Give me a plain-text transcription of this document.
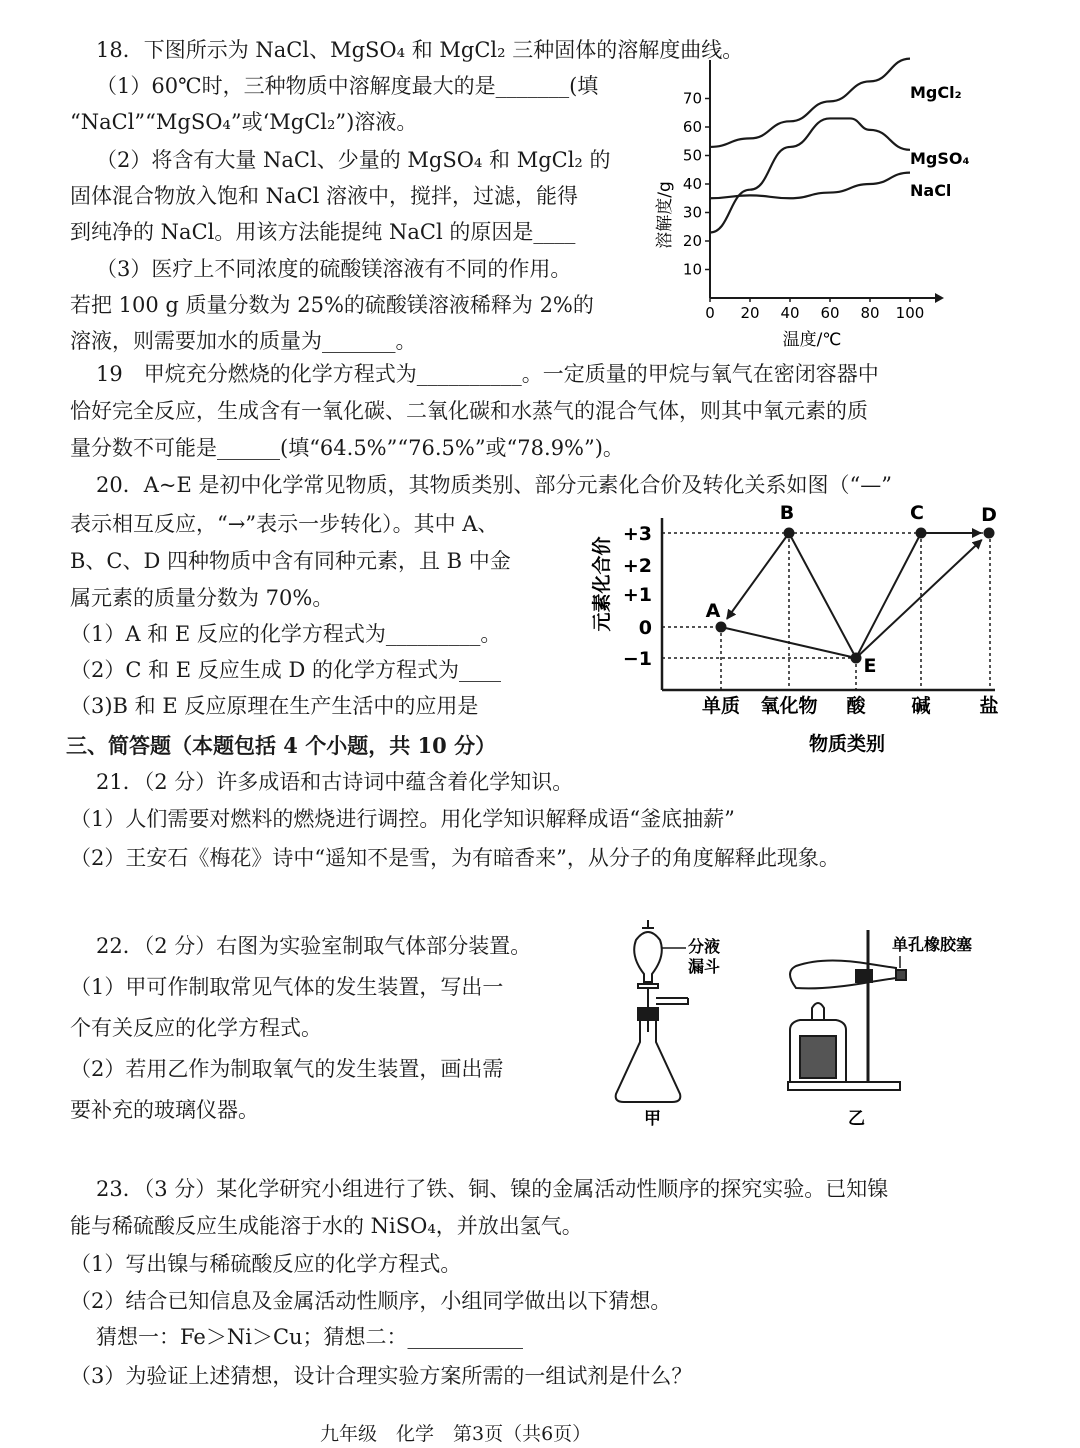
18．下图所示为 NaCl、MgSO₄ 和 MgCl₂ 三种固体的溶解度曲线。
（1）60℃时，三种物质中溶解度最大的是_______(填
“NaCl”“MgSO₄”或‘MgCl₂”)溶液。
（2）将含有大量 NaCl、少量的 MgSO₄ 和 MgCl₂ 的
固体混合物放入饱和 NaCl 溶液中，搅拌，过滤，能得
到纯净的 NaCl。用该方法能提纯 NaCl 的原因是____
（3）医疗上不同浓度的硫酸镁溶液有不同的作用。
若把 100 g 质量分数为 25%的硫酸镁溶液稀释为 2%的
溶液，则需要加水的质量为_______。
10
20
30
40
50
60
70
0 20 40 60 80 100
溶解度/g
温度/℃
MgCl₂
MgSO₄
NaCl
19　甲烷充分燃烧的化学方程式为__________。一定质量的甲烷与氧气在密闭容器中
恰好完全反应，生成含有一氧化碳、二氧化碳和水蒸气的混合气体，则其中氧元素的质
量分数不可能是______(填“64.5%”“76.5%”或“78.9%”)。
20．A~E 是初中化学常见物质，其物质类别、部分元素化合价及转化关系如图（“—”
表示相互反应，“→”表示一步转化）。其中 A、
B、C、D 四种物质中含有同种元素，且 B 中金
属元素的质量分数为 70%。
（1）A 和 E 反应的化学方程式为_________。
（2）C 和 E 反应生成 D 的化学方程式为____
（3)B 和 E 反应原理在生产生活中的应用是
+3
+2
+1
0
−1
单质 氧化物 酸 碱	盐
A
B
E
C	D
元素化合价
物质类别
三、简答题（本题包括 4 个小题，共 10 分）
21．（2 分）许多成语和古诗词中蕴含着化学知识。
（1）人们需要对燃料的燃烧进行调控。用化学知识解释成语“釜底抽薪”
（2）王安石《梅花》诗中“遥知不是雪，为有暗香来”，从分子的角度解释此现象。
22．（2 分）右图为实验室制取气体部分装置。
（1）甲可作制取常见气体的发生装置，写出一
个有关反应的化学方程式。
（2）若用乙作为制取氧气的发生装置，画出需
要补充的玻璃仪器。
分液
漏斗
甲
单孔橡胶塞
乙
23．（3 分）某化学研究小组进行了铁、铜、镍的金属活动性顺序的探究实验。已知镍
能与稀硫酸反应生成能溶于水的 NiSO₄，并放出氢气。
（1）写出镍与稀硫酸反应的化学方程式。
（2）结合已知信息及金属活动性顺序，小组同学做出以下猜想。
猜想一：Fe＞Ni＞Cu；猜想二：___________
（3）为验证上述猜想，设计合理实验方案所需的一组试剂是什么？
九年级　化学　第3页（共6页）
